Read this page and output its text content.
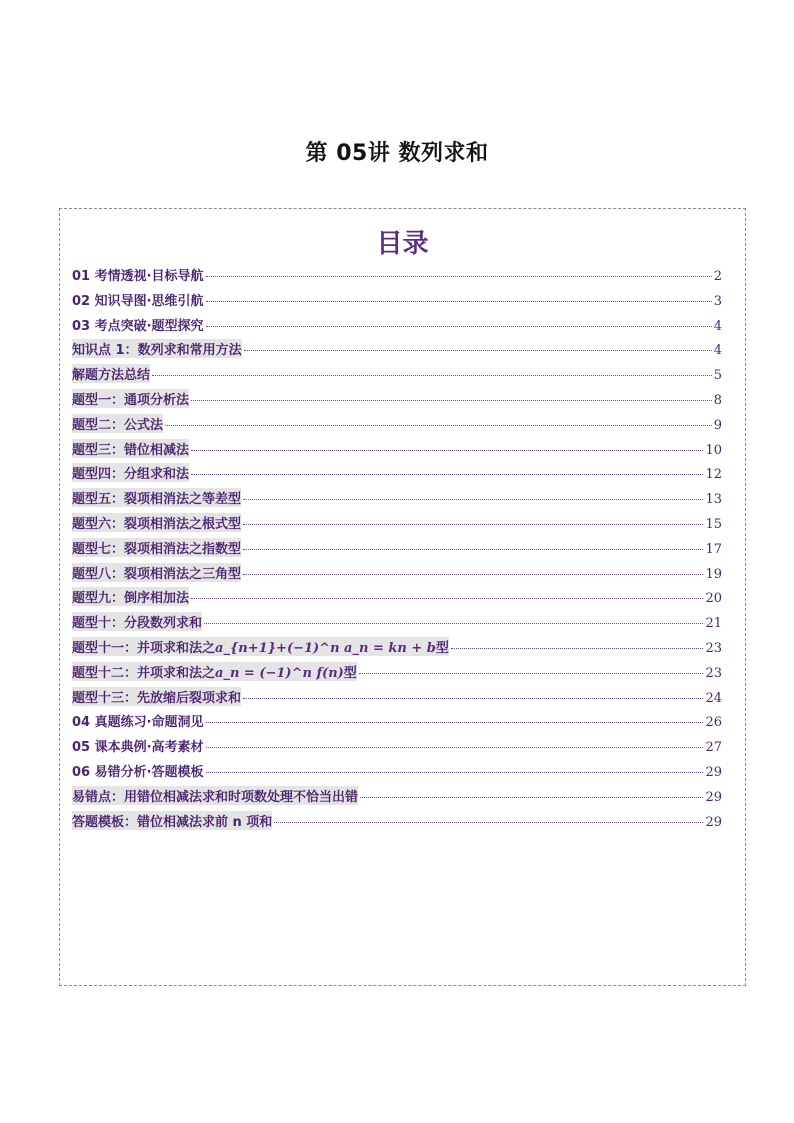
第 05讲 数列求和
目录
01 考情透视·目标导航	2
02 知识导图·思维引航	3
03 考点突破·题型探究	4
知识点 1：数列求和常用方法	4
解题方法总结	5
题型一：通项分析法	8
题型二：公式法	9
题型三：错位相减法	10
题型四：分组求和法	12
题型五：裂项相消法之等差型	13
题型六：裂项相消法之根式型	15
题型七：裂项相消法之指数型	17
题型八：裂项相消法之三角型	19
题型九：倒序相加法	20
题型十：分段数列求和	21
题型十一：并项求和法之a_{n+1}+(−1)^n a_n = kn + b型	23
题型十二：并项求和法之a_n = (−1)^n f(n)型	23
题型十三：先放缩后裂项求和	24
04 真题练习·命题洞见	26
05 课本典例·高考素材	27
06 易错分析·答题模板	29
易错点：用错位相减法求和时项数处理不恰当出错	29
答题模板：错位相减法求前 n 项和	29
